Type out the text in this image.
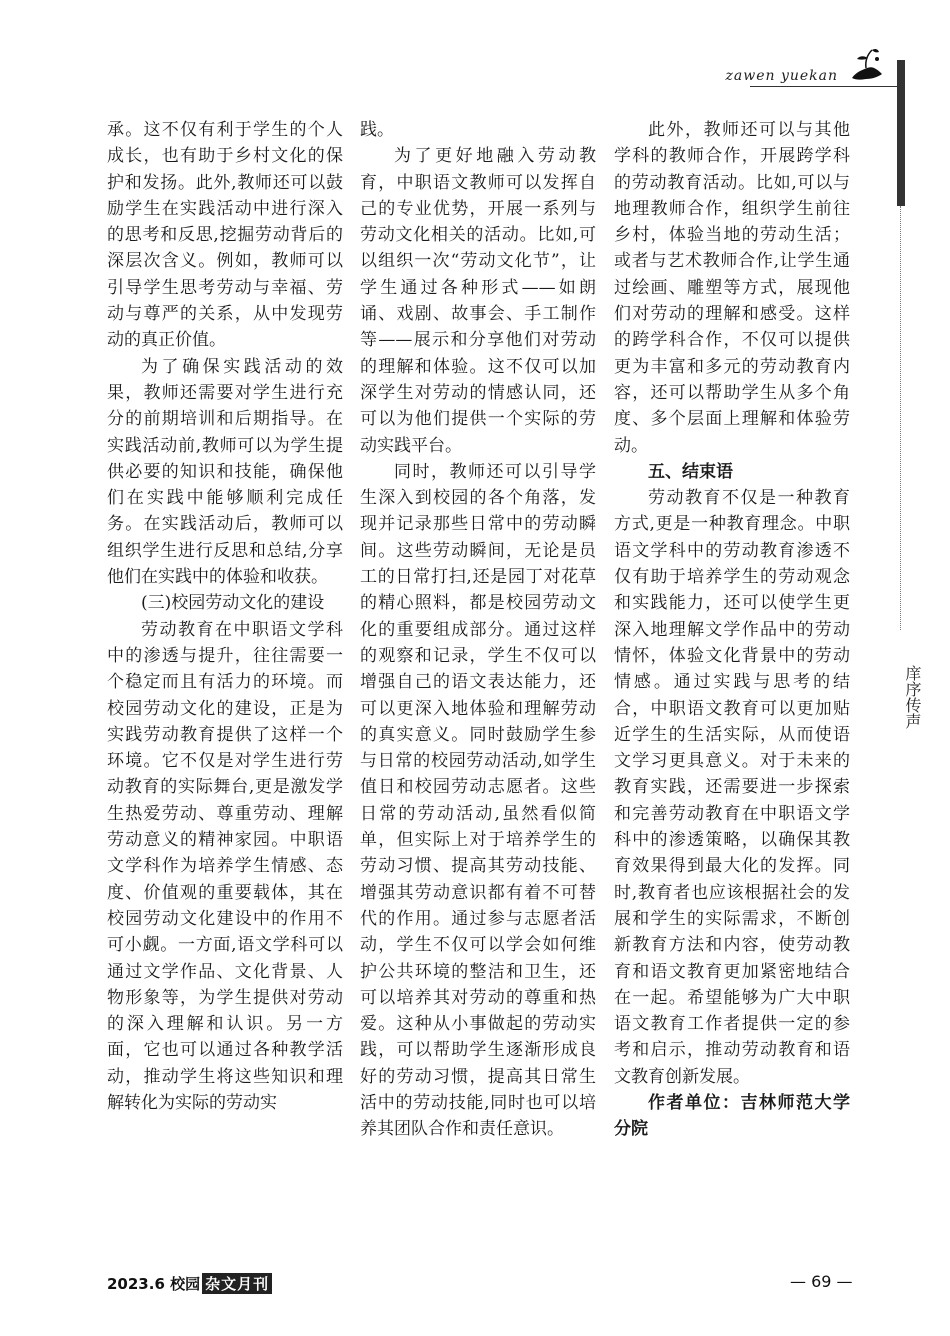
zawen yuekan
庠序传声

承。这不仅有利于学生的个人成长，也有助于乡村文化的保护和发扬。此外,教师还可以鼓励学生在实践活动中进行深入的思考和反思,挖掘劳动背后的深层次含义。例如，教师可以引导学生思考劳动与幸福、劳动与尊严的关系，从中发现劳动的真正价值。

为了确保实践活动的效果，教师还需要对学生进行充分的前期培训和后期指导。在实践活动前,教师可以为学生提供必要的知识和技能，确保他们在实践中能够顺利完成任务。在实践活动后，教师可以组织学生进行反思和总结,分享他们在实践中的体验和收获。

(三)校园劳动文化的建设

劳动教育在中职语文学科中的渗透与提升，往往需要一个稳定而且有活力的环境。而校园劳动文化的建设，正是为实践劳动教育提供了这样一个环境。它不仅是对学生进行劳动教育的实际舞台,更是激发学生热爱劳动、尊重劳动、理解劳动意义的精神家园。中职语文学科作为培养学生情感、态度、价值观的重要载体，其在校园劳动文化建设中的作用不可小觑。一方面,语文学科可以通过文学作品、文化背景、人物形象等，为学生提供对劳动的深入理解和认识。另一方面，它也可以通过各种教学活动，推动学生将这些知识和理解转化为实际的劳动实

践。

为了更好地融入劳动教育，中职语文教师可以发挥自己的专业优势，开展一系列与劳动文化相关的活动。比如,可以组织一次“劳动文化节”，让学生通过各种形式——如朗诵、戏剧、故事会、手工制作等——展示和分享他们对劳动的理解和体验。这不仅可以加深学生对劳动的情感认同，还可以为他们提供一个实际的劳动实践平台。

同时，教师还可以引导学生深入到校园的各个角落，发现并记录那些日常中的劳动瞬间。这些劳动瞬间，无论是员工的日常打扫,还是园丁对花草的精心照料，都是校园劳动文化的重要组成部分。通过这样的观察和记录，学生不仅可以增强自己的语文表达能力，还可以更深入地体验和理解劳动的真实意义。同时鼓励学生参与日常的校园劳动活动,如学生值日和校园劳动志愿者。这些日常的劳动活动,虽然看似简单，但实际上对于培养学生的劳动习惯、提高其劳动技能、增强其劳动意识都有着不可替代的作用。通过参与志愿者活动，学生不仅可以学会如何维护公共环境的整洁和卫生，还可以培养其对劳动的尊重和热爱。这种从小事做起的劳动实践，可以帮助学生逐渐形成良好的劳动习惯，提高其日常生活中的劳动技能,同时也可以培养其团队合作和责任意识。

此外，教师还可以与其他学科的教师合作，开展跨学科的劳动教育活动。比如,可以与地理教师合作，组织学生前往乡村，体验当地的劳动生活；或者与艺术教师合作,让学生通过绘画、雕塑等方式，展现他们对劳动的理解和感受。这样的跨学科合作，不仅可以提供更为丰富和多元的劳动教育内容，还可以帮助学生从多个角度、多个层面上理解和体验劳动。

五、结束语

劳动教育不仅是一种教育方式,更是一种教育理念。中职语文学科中的劳动教育渗透不仅有助于培养学生的劳动观念和实践能力，还可以使学生更深入地理解文学作品中的劳动情怀，体验文化背景中的劳动情感。通过实践与思考的结合，中职语文教育可以更加贴近学生的生活实际，从而使语文学习更具意义。对于未来的教育实践，还需要进一步探索和完善劳动教育在中职语文学科中的渗透策略，以确保其教育效果得到最大化的发挥。同时,教育者也应该根据社会的发展和学生的实际需求，不断创新教育方法和内容，使劳动教育和语文教育更加紧密地结合在一起。希望能够为广大中职语文教育工作者提供一定的参考和启示，推动劳动教育和语文教育创新发展。

作者单位：吉林师范大学分院

2023.6 校园 杂文月刊	— 69 —
